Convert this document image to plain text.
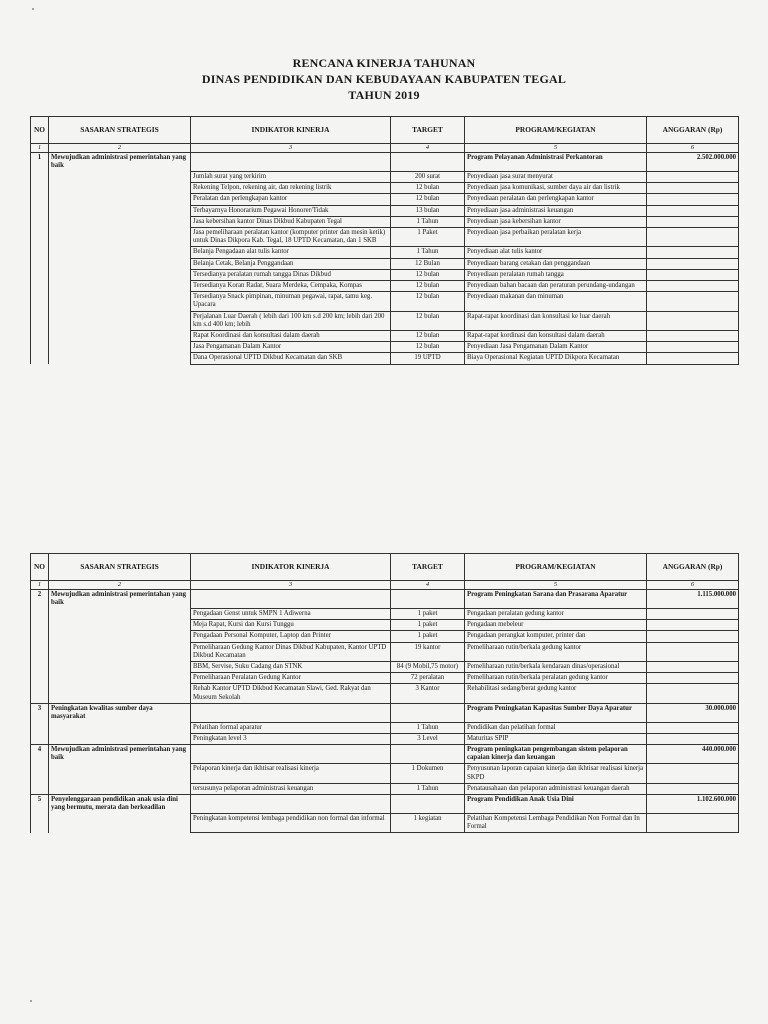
RENCANA KINERJA TAHUNAN
DINAS PENDIDIKAN DAN KEBUDAYAAN KABUPATEN TEGAL
TAHUN 2019
NO	SASARAN STRATEGIS	INDIKATOR KINERJA	TARGET	PROGRAM/KEGIATAN	ANGGARAN (Rp)
1	2	3	4	5	6
1	Mewujudkan administrasi pemerintahan yang baik			Program Pelayanan Administrasi Perkantoran	2.502.000.000
		Jumlah surat yang terkirim	200 surat	Penyediaan jasa surat menyurat	
		Rekening Telpon, rekening air, dan rekening listrik	12 bulan	Penyediaan jasa komunikasi, sumber daya air dan listrik	
		Peralatan dan perlengkapan kantor	12 bulan	Penyediaan peralatan dan perlengkapan kantor	
		Terbayarnya Honorarium Pegawai Honorer/Tidak	13 bulan	Penyediaan jasa administrasi keuangan	
		Jasa kebersihan kantor Dinas Dikbud Kabupaten Tegal	1 Tahun	Penyediaan jasa kebersihan kantor	
		Jasa pemeliharaan peralatan kantor (komputer printer dan mesin ketik) untuk Dinas Dikpora Kab. Tegal, 18 UPTD Kecamatan, dan 1 SKB	1 Paket	Penyediaan jasa perbaikan peralatan kerja	
		Belanja Pengadaan alat tulis kantor	1 Tahun	Penyediaan alat tulis kantor	
		Belanja Cetak, Belanja Penggandaan	12 Bulan	Penyediaan barang cetakan dan penggandaan	
		Tersedianya peralatan rumah tangga Dinas Dikbud	12 bulan	Penyediaan peralatan rumah tangga	
		Tersedianya Koran Radar, Suara Merdeka, Cempaka, Kompas	12 bulan	Penyediaan bahan bacaan dan peraturan perundang-undangan	
		Tersedianya Snack pimpinan, minuman pegawai, rapat, tamu keg. Upacara	12 bulan	Penyediaan makanan dan minuman	
		Perjalanan Luar Daerah ( lebih dari 100 km s.d 200 km; lebih dari 200 km s.d 400 km; lebih	12 bulan	Rapat-rapat koordinasi dan konsultasi ke luar daerah	
		Rapat Koordinasi dan konsultasi dalam daerah	12 bulan	Rapat-rapat kordinasi dan konsultasi dalam daerah	
		Jasa Pengamanan Dalam Kantor	12 bulan	Penyediaan Jasa Pengamanan Dalam Kantor	
		Dana Operasional UPTD Dikbud Kecamatan dan SKB	19 UPTD	Biaya Operasional Kegiatan UPTD Dikpora Kecamatan	
NO	SASARAN STRATEGIS	INDIKATOR KINERJA	TARGET	PROGRAM/KEGIATAN	ANGGARAN (Rp)
1	2	3	4	5	6
2	Mewujudkan administrasi pemerintahan yang baik			Program Peningkatan Sarana dan Prasarana Aparatur	1.115.000.000
		Pengadaan Genst untuk SMPN 1 Adiwerna	1 paket	Pengadaan peralatan gedung kantor	
		Meja Rapat, Kursi dan Kursi Tunggu	1 paket	Pengadaan mebeleur	
		Pengadaan Personal Komputer, Laptop dan Printer	1 paket	Pengadaan perangkat komputer, printer dan	
		Pemeliharaan Gedung Kantor Dinas Dikbud Kabupaten, Kantor UPTD Dikbud Kecamatan	19 kantor	Pemeliharaan rutin/berkala gedung kantor	
		BBM, Servise, Suku Cadang dan STNK	84 (9 Mobil,75 motor)	Pemeliharaan rutin/berkala kendaraan dinas/operasional	
		Pemeliharaan Peralatan Gedung Kantor	72 peralatan	Pemeliharaan rutin/berkala peralatan gedung kantor	
		Rehab Kantor UPTD Dikbud Kecamatan Slawi, Ged. Rakyat dan Museum Sekolah	3 Kantor	Rehabilitasi sedang/berat gedung kantor	
3	Peningkatan kwalitas sumber daya masyarakat			Program Peningkatan Kapasitas Sumber Daya Aparatur	30.000.000
		Pelatihan formal aparatur	1 Tahun	Pendidikan dan pelatihan formal	
		Peningkatan level 3	3 Level	Maturitas SPIP	
4	Mewujudkan administrasi pemerintahan yang baik			Program peningkatan pengembangan sistem pelaporan capaian kinerja dan keuangan	440.000.000
		Pelaporan kinerja dan ikhtisar realisasi kinerja	1 Dokumen	Penyusunan laporan capaian kinerja dan ikhtisar realisasi kinerja SKPD	
		tersusunya pelaporan administrasi keuangan	1 Tahun	Penatausahaan dan pelaporan administrasi keuangan daerah	
5	Penyelenggaraan pendidikan anak usia dini yang bermutu, merata dan berkeadilan			Program Pendidikan Anak Usia Dini	1.102.600.000
		Peningkatan kompetensi lembaga pendidikan non formal dan informal	1 kegiatan	Pelatihan Kompetensi Lembaga Pendidikan Non Formal dan In Formal	
